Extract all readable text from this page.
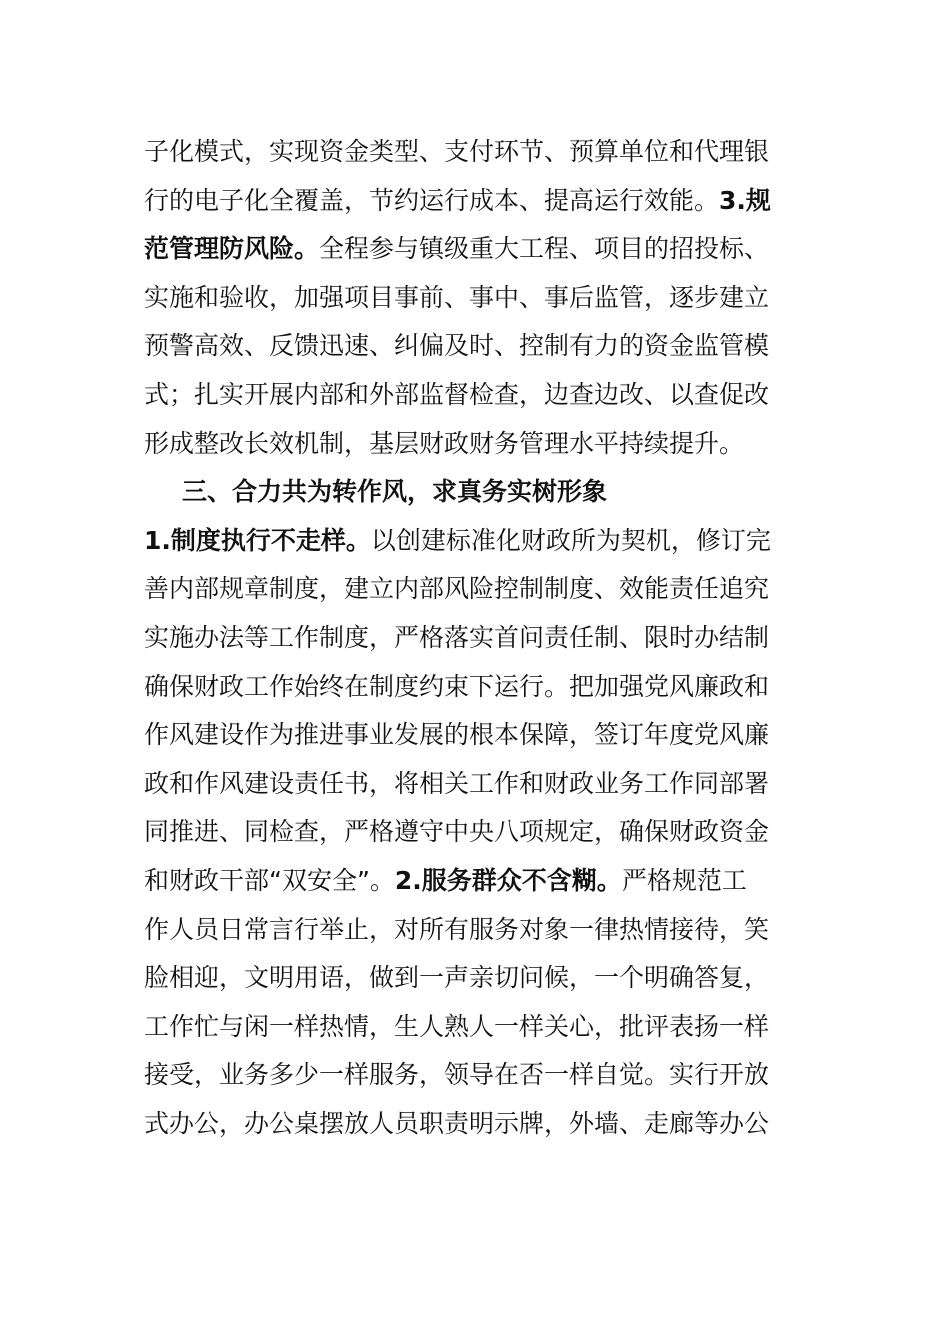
子化模式，实现资金类型、支付环节、预算单位和代理银
行的电子化全覆盖，节约运行成本、提高运行效能。3.规
范管理防风险。全程参与镇级重大工程、项目的招投标、
实施和验收，加强项目事前、事中、事后监管，逐步建立
预警高效、反馈迅速、纠偏及时、控制有力的资金监管模
式；扎实开展内部和外部监督检查，边查边改、以查促改
形成整改长效机制，基层财政财务管理水平持续提升。
三、合力共为转作风，求真务实树形象
1.制度执行不走样。以创建标准化财政所为契机，修订完
善内部规章制度，建立内部风险控制制度、效能责任追究
实施办法等工作制度，严格落实首问责任制、限时办结制
确保财政工作始终在制度约束下运行。把加强党风廉政和
作风建设作为推进事业发展的根本保障，签订年度党风廉
政和作风建设责任书，将相关工作和财政业务工作同部署
同推进、同检查，严格遵守中央八项规定，确保财政资金
和财政干部“双安全”。2.服务群众不含糊。严格规范工
作人员日常言行举止，对所有服务对象一律热情接待，笑
脸相迎，文明用语，做到一声亲切问候，一个明确答复，
工作忙与闲一样热情，生人熟人一样关心，批评表扬一样
接受，业务多少一样服务，领导在否一样自觉。实行开放
式办公，办公桌摆放人员职责明示牌，外墙、走廊等办公
